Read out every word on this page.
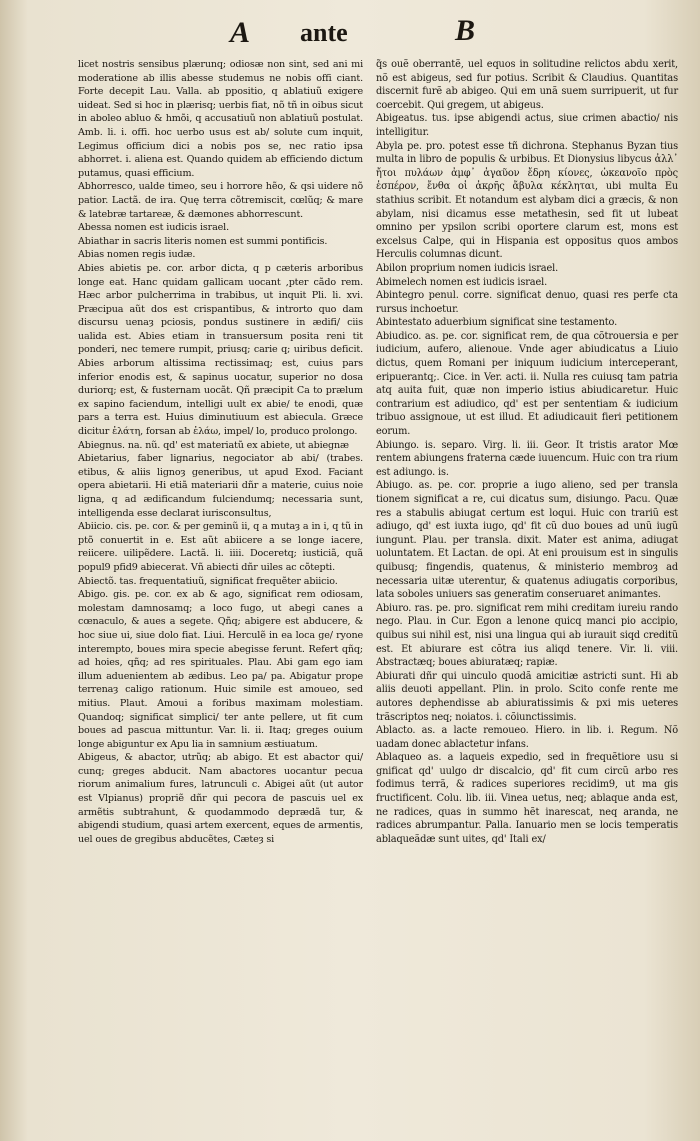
A ante	B

licet nostris sensibus plærunq; odiosæ non sint, sed ani mi moderatione ab illis abesse studemus ne nobis offi ciant. Forte decepit Lau. Valla. ab ppositio, q ablatiuũ exigere uideat. Sed si hoc in plærisq; uerbis fiat, nõ tñ in oibus sicut in aboleo abluo & hmõi, q accusatiuũ non ablatiuũ postulat. Amb. li. i. offi. hoc uerbo usus est ab/ solute cum inquit, Legimus officium dici a nobis pos se, nec ratio ipsa abhorret. i. aliena est. Quando quidem ab efficiendo dictum putamus, quasi efficium.

Abhorresco, ualde timeo, seu i horrore hẽo, & qsi uidere nõ patior. Lactã. de ira. Quę terra cõtremiscit, cœlũq; & mare & latebræ tartareæ, & dæmones abhorrescunt.

Abessa nomen est iudicis israel.

Abiathar in sacris literis nomen est summi pontificis.

Abias nomen regis iudæ.

Abies abietis pe. cor. arbor dicta, q p cæteris arboribus longe eat. Hanc quidam gallicam uocant ,pter cãdo rem. Hæc arbor pulcherrima in trabibus, ut inquit Pli. li. xvi. Præcipua aũt dos est crispantibus, & introrto quo dam discursu uenaȝ pciosis, pondus sustinere in ædifi/ ciis ualida est. Abies etiam in transuersum posita reni tit ponderi, nec temere rumpit, priusq; carie q; uiribus deficit. Abies arborum altissima rectissimaq; est, cuius pars inferior enodis est, & sapinus uocatur, superior no dosa duriorq; est, & fusternam uocãt. Qñ præcipit Ca to prælum ex sapino faciendum, intelligi uult ex abie/ te enodi, quæ pars a terra est. Huius diminutiuum est abiecula. Græce dicitur ἐλάτη, forsan ab ἐλάω, impel/ lo, produco prolongo.

Abiegnus. na. nũ. qd' est materiatũ ex abiete, ut abiegnæ

Abietarius, faber lignarius, negociator ab abi/ (trabes. etibus, & aliis lignoȝ generibus, ut apud Exod. Faciant opera abietarii. Hi etiã materiarii dñr a materie, cuius noie ligna, q ad ædificandum fulciendumq; necessaria sunt, intelligenda esse declarat iurisconsultus,

Abiicio. cis. pe. cor. & per geminũ ii, q a mutaȝ a in i, q tũ in ptõ conuertit in e. Est aũt abiicere a se longe iacere, reiicere. uilipẽdere. Lactã. li. iiii. Doceretq; iusticiã, quã popul9 pfid9 abiecerat. Vñ abiecti dñr uiles ac cõtepti.

Abiectõ. tas. frequentatiuũ, significat frequẽter abiicio.

Abigo. gis. pe. cor. ex ab & ago, significat rem odiosam, molestam damnosamq; a loco fugo, ut abegi canes a cœnaculo, & aues a segete. Qñq; abigere est abducere, & hoc siue ui, siue dolo fiat. Liui. Herculẽ in ea loca ge/ ryone interempto, boues mira specie abegisse ferunt. Refert qñq; ad hoies, qñq; ad res spirituales. Plau. Abi gam ego iam illum aduenientem ab ædibus. Leo pa/ pa. Abigatur prope terrenaȝ caligo rationum. Huic simile est amoueo, sed mitius. Plaut. Amoui a foribus maximam molestiam. Quandoq; significat simplici/ ter ante pellere, ut fit cum boues ad pascua mittuntur. Var. li. ii. Itaq; greges ouium longe abiguntur ex Apu lia in samnium æstiuatum.

Abigeus, & abactor, utrũq; ab abigo. Et est abactor qui/ cunq; greges abducit. Nam abactores uocantur pecua riorum animalium fures, latrunculi c. Abigei aũt (ut autor est Vlpianus) propriẽ dñr qui pecora de pascuis uel ex armẽtis subtrahunt, & quodammodo deprædã tur, & abigendi studium, quasi artem exercent, eques de armentis, uel oues de gregibus abducẽtes, Cæteȝ si

q̃s ouẽ oberrantẽ, uel equos in solitudine relictos abdu xerit, nõ est abigeus, sed fur potius. Scribit & Claudius. Quantitas discernit furẽ ab abigeo. Qui em unã suem surripuerit, ut fur coercebit. Qui gregem, ut abigeus.

Abigeatus. tus. ipse abigendi actus, siue crimen abactio/ nis intelligitur.

Abyla pe. pro. potest esse tñ dichrona. Stephanus Byzan tius multa in libro de populis & urbibus. Et Dionysius libycus ἀλλ᾽ ἤτοι πυλάων ἀμφ᾽ ἀγαῦον ἔδρη κίονες, ὠκεανοῖο πρὸς ἑσπέρον, ἔνθα οἱ ἀκρῆς ἄβυλα κέκληται, ubi multa Eu stathius scribit. Et notandum est alybam dici a græcis, & non abylam, nisi dicamus esse metathesin, sed fit ut lubeat omnino per ypsilon scribi oportere clarum est, mons est excelsus Calpe, qui in Hispania est oppositus quos ambos Herculis columnas dicunt.

Abilon proprium nomen iudicis israel.

Abimelech nomen est iudicis israel.

Abintegro penul. corre. significat denuo, quasi res perfe cta rursus inchoetur.

Abintestato aduerbium significat sine testamento.

Abiudico. as. pe. cor. significat rem, de qua cõtrouersia e per iudicium, aufero, alienoue. Vnde ager abiudicatus a Liuio dictus, quem Romani per iniquum iudicium interceperant, eripuerantq;. Cice. in Ver. acti. ii. Nulla res cuiusq tam patria atq auita fuit, quæ non imperio istius abiudicaretur. Huic contrarium est adiudico, qd' est per sententiam & iudicium tribuo assignoue, ut est illud. Et adiudicauit fieri petitionem eorum.

Abiungo. is. separo. Virg. li. iii. Geor. It tristis arator Mœ rentem abiungens fraterna cæde iuuencum. Huic con tra rium est adiungo. is.

Abiugo. as. pe. cor. proprie a iugo alieno, sed per transla tionem significat a re, cui dicatus sum, disiungo. Pacu. Quæ res a stabulis abiugat certum est loqui. Huic con trariũ est adiugo, qd' est iuxta iugo, qd' fit cũ duo boues ad unũ iugũ iungunt. Plau. per transla. dixit. Mater est anima, adiugat uoluntatem. Et Lactan. de opi. At eni prouisum est in singulis quibusq; fingendis, quatenus, & ministerio membroȝ ad necessaria uitæ uterentur, & quatenus adiugatis corporibus, lata soboles uniuers sas generatim conseruaret animantes.

Abiuro. ras. pe. pro. significat rem mihi creditam iureiu rando nego. Plau. in Cur. Egon a lenone quicq manci pio accipio, quibus sui nihil est, nisi una lingua qui ab iurauit siqd creditũ est. Et abiurare est cõtra ius aliqd tenere. Vir. li. viii. Abstractæq; boues abiuratæq; rapiæ.

Abiurati dñr qui uinculo quodã amicitiæ astricti sunt. Hi ab aliis deuoti appellant. Plin. in prolo. Scito confe rente me autores dephendisse ab abiuratissimis & pxi mis ueteres trãscriptos neq; noiatos. i. cõiunctissimis.

Ablacto. as. a lacte remoueo. Hiero. in lib. i. Regum. Nõ uadam donec ablactetur infans.

Ablaqueo as. a laqueis expedio, sed in frequẽtiore usu si gnificat qd' uulgo dr discalcio, qd' fit cum circũ arbo res fodimus terrã, & radices superiores recidim9, ut ma gis fructificent. Colu. lib. iii. Vinea uetus, neq; ablaque anda est, ne radices, quas in summo hẽt inarescat, neq aranda, ne radices abrumpantur. Palla. Ianuario men se locis temperatis ablaqueãdæ sunt uites, qd' Itali ex/
